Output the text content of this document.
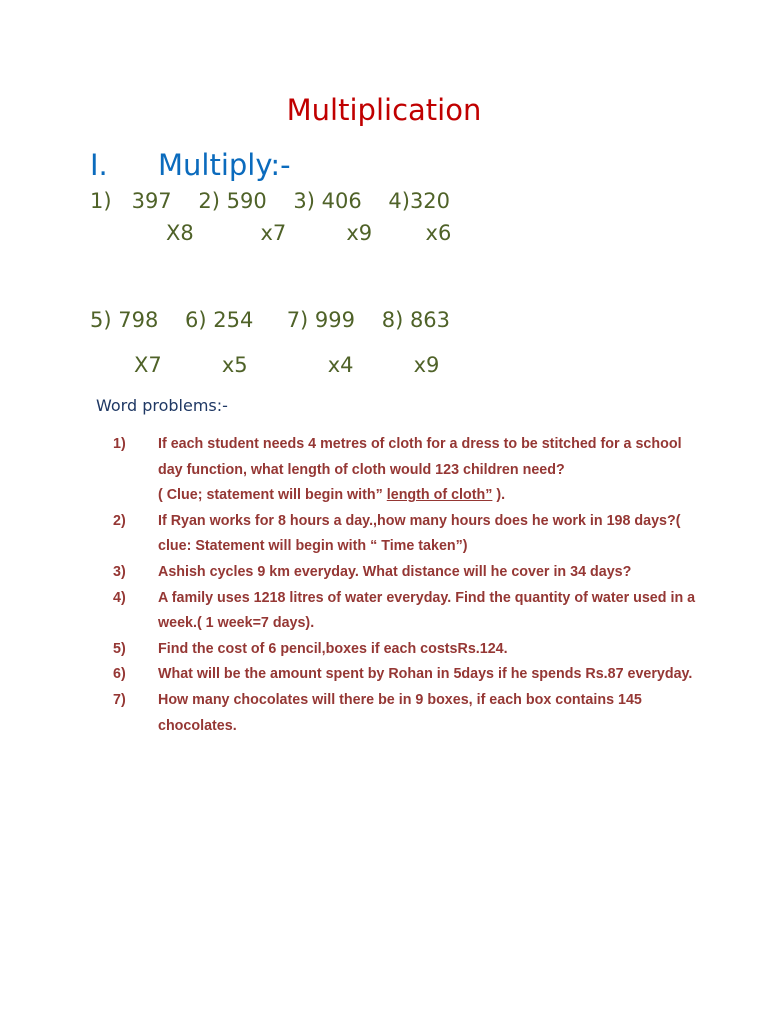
Multiplication
I. Multiply:-
1)   397    2) 590    3) 406    4)320
X8          x7         x9        x6
5) 798    6) 254     7) 999    8) 863
X7         x5            x4         x9
Word problems:-
1) If each student needs 4 metres of cloth for a dress to be stitched for a school day function, what length of cloth would 123 children need?
( Clue; statement will begin with” length of cloth” ).
2) If Ryan works for 8 hours a day.,how many hours does he work in 198 days?( clue: Statement will begin with “ Time taken”)
3) Ashish cycles 9 km everyday. What distance will he cover in 34 days?
4) A family uses 1218 litres of water everyday. Find the quantity of water used in a week.( 1 week=7 days).
5) Find the cost of 6 pencil,boxes if each costsRs.124.
6) What will be the amount spent by Rohan in 5days if he spends Rs.87 everyday.
7) How many chocolates will there be in 9 boxes, if each box contains 145 chocolates.
